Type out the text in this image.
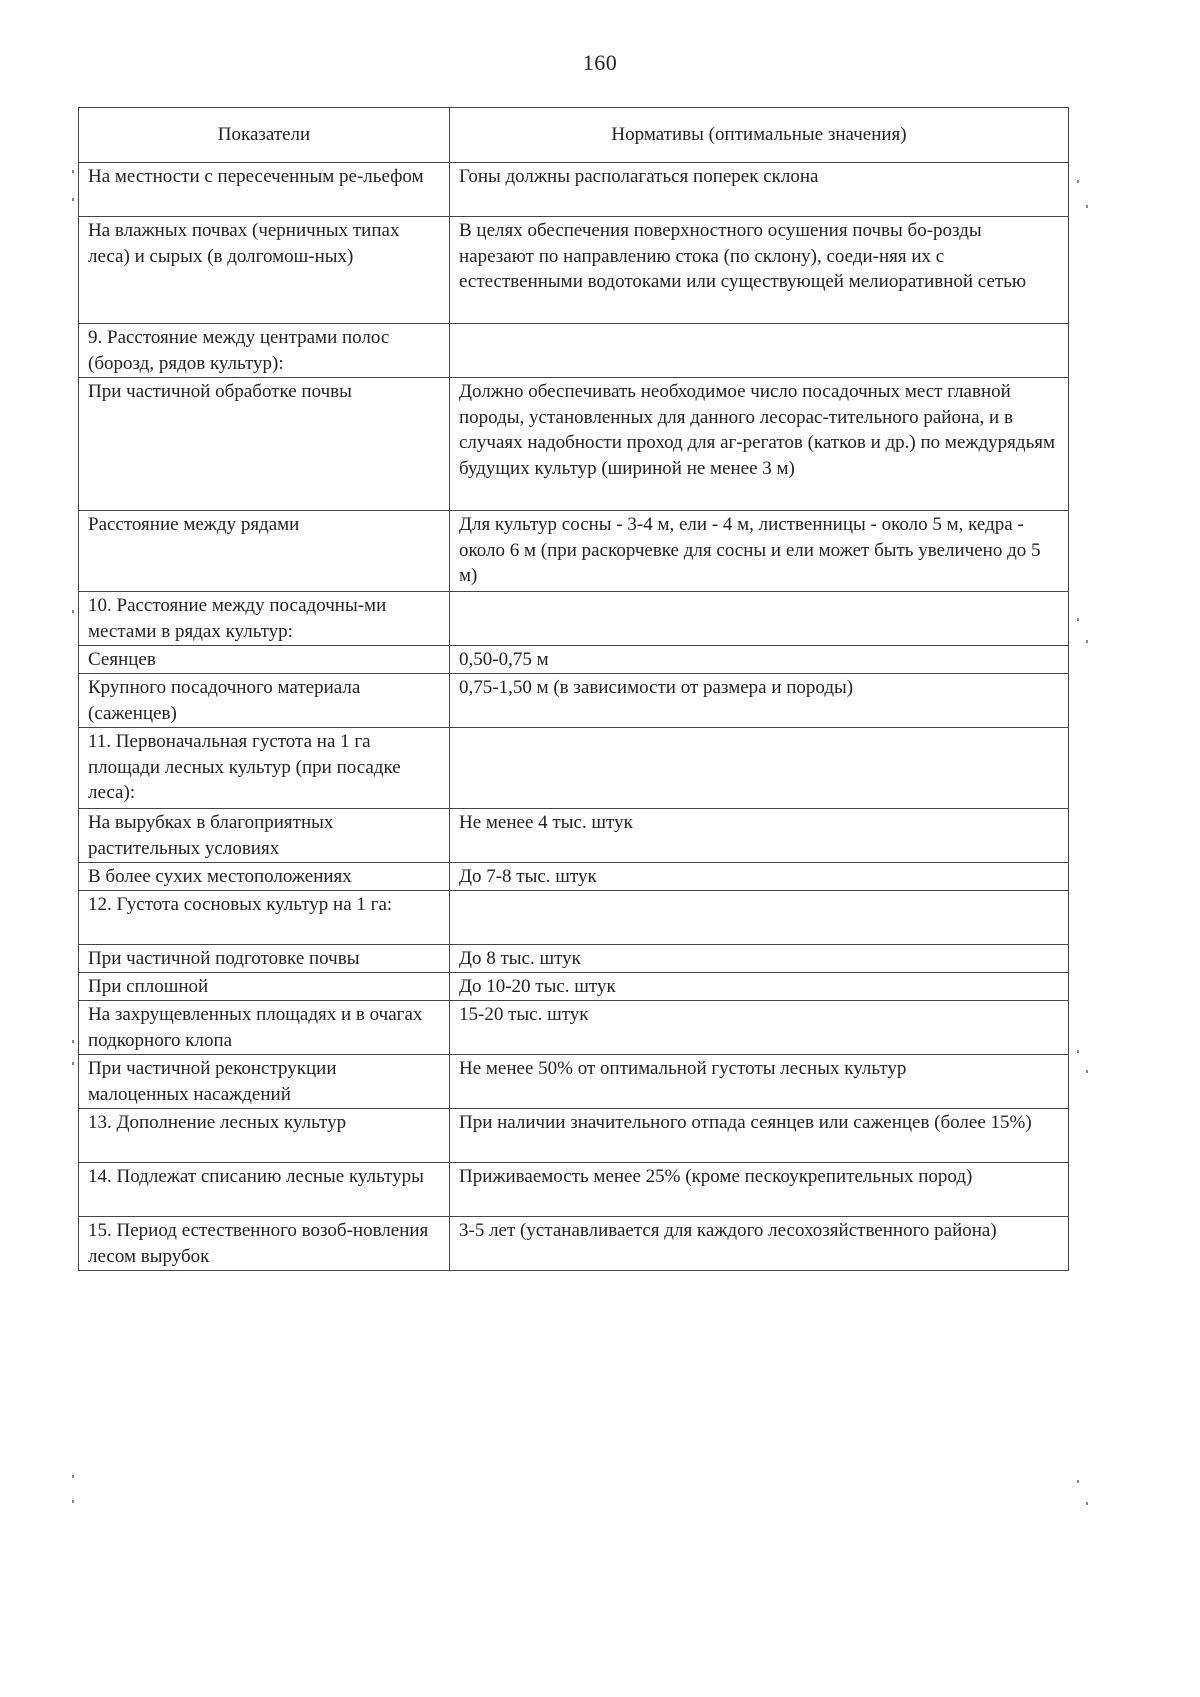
160
Показатели	Нормативы (оптимальные значения)
На местности с пересеченным ре-льефом	Гоны должны располагаться поперек склона
На влажных почвах (черничных типах леса) и сырых (в долгомош-ных)	В целях обеспечения поверхностного осушения почвы бо-розды нарезают по направлению стока (по склону), соеди-няя их с естественными водотоками или существующей мелиоративной сетью
9. Расстояние между центрами полос (борозд, рядов культур):	
При частичной обработке почвы	Должно обеспечивать необходимое число посадочных мест главной породы, установленных для данного лесорас-тительного района, и в случаях надобности проход для аг-регатов (катков и др.) по междурядьям будущих культур (шириной не менее 3 м)
Расстояние между рядами	Для культур сосны - 3-4 м, ели - 4 м, лиственницы - около 5 м, кедра - около 6 м (при раскорчевке для сосны и ели может быть увеличено до 5 м)
10. Расстояние между посадочны-ми местами в рядах культур:	
Сеянцев	0,50-0,75 м
Крупного посадочного материала (саженцев)	0,75-1,50 м (в зависимости от размера и породы)
11. Первоначальная густота на 1 га площади лесных культур (при посадке леса):	
На вырубках в благоприятных растительных условиях	Не менее 4 тыс. штук
В более сухих местоположениях	До 7-8 тыс. штук
12. Густота сосновых культур на 1 га:	
При частичной подготовке почвы	До 8 тыс. штук
При сплошной	До 10-20 тыс. штук
На захрущевленных площадях и в очагах подкорного клопа	15-20 тыс. штук
При частичной реконструкции малоценных насаждений	Не менее 50% от оптимальной густоты лесных культур
13. Дополнение лесных культур	При наличии значительного отпада сеянцев или саженцев (более 15%)
14. Подлежат списанию лесные культуры	Приживаемость менее 25% (кроме пескоукрепительных пород)
15. Период естественного возоб-новления лесом вырубок	3-5 лет (устанавливается для каждого лесохозяйственного района)
